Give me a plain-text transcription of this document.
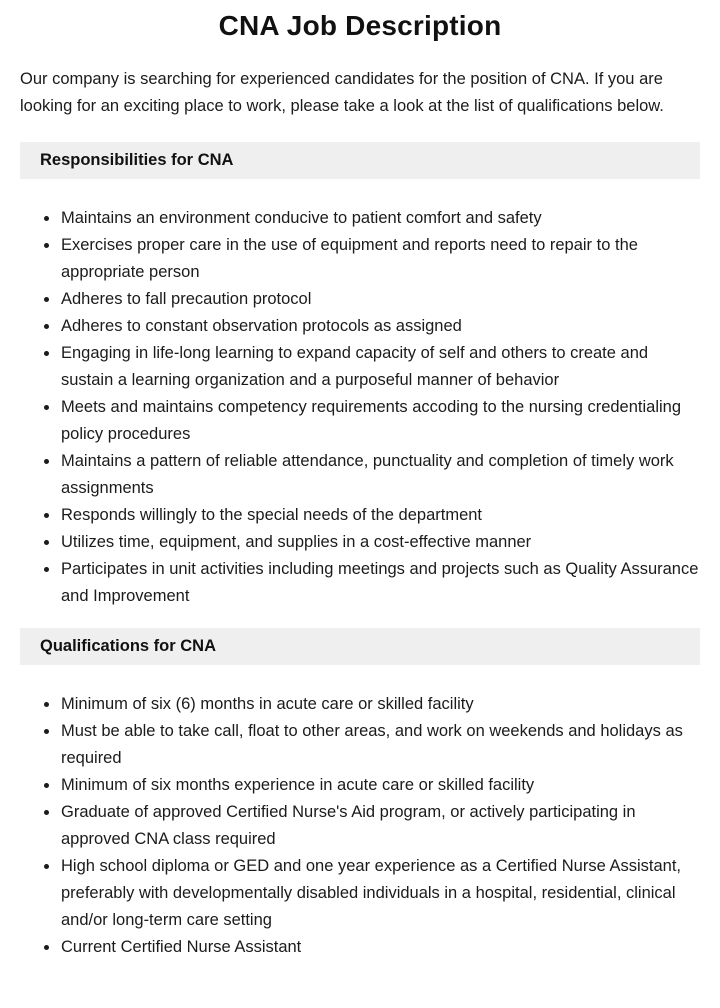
CNA Job Description

Our company is searching for experienced candidates for the position of CNA. If you are looking for an exciting place to work, please take a look at the list of qualifications below.

Responsibilities for CNA
• Maintains an environment conducive to patient comfort and safety
• Exercises proper care in the use of equipment and reports need to repair to the appropriate person
• Adheres to fall precaution protocol
• Adheres to constant observation protocols as assigned
• Engaging in life-long learning to expand capacity of self and others to create and sustain a learning organization and a purposeful manner of behavior
• Meets and maintains competency requirements accoding to the nursing credentialing policy procedures
• Maintains a pattern of reliable attendance, punctuality and completion of timely work assignments
• Responds willingly to the special needs of the department
• Utilizes time, equipment, and supplies in a cost-effective manner
• Participates in unit activities including meetings and projects such as Quality Assurance and Improvement
Qualifications for CNA
• Minimum of six (6) months in acute care or skilled facility
• Must be able to take call, float to other areas, and work on weekends and holidays as required
• Minimum of six months experience in acute care or skilled facility
• Graduate of approved Certified Nurse's Aid program, or actively participating in approved CNA class required
• High school diploma or GED and one year experience as a Certified Nurse Assistant, preferably with developmentally disabled individuals in a hospital, residential, clinical and/or long-term care setting
• Current Certified Nurse Assistant
